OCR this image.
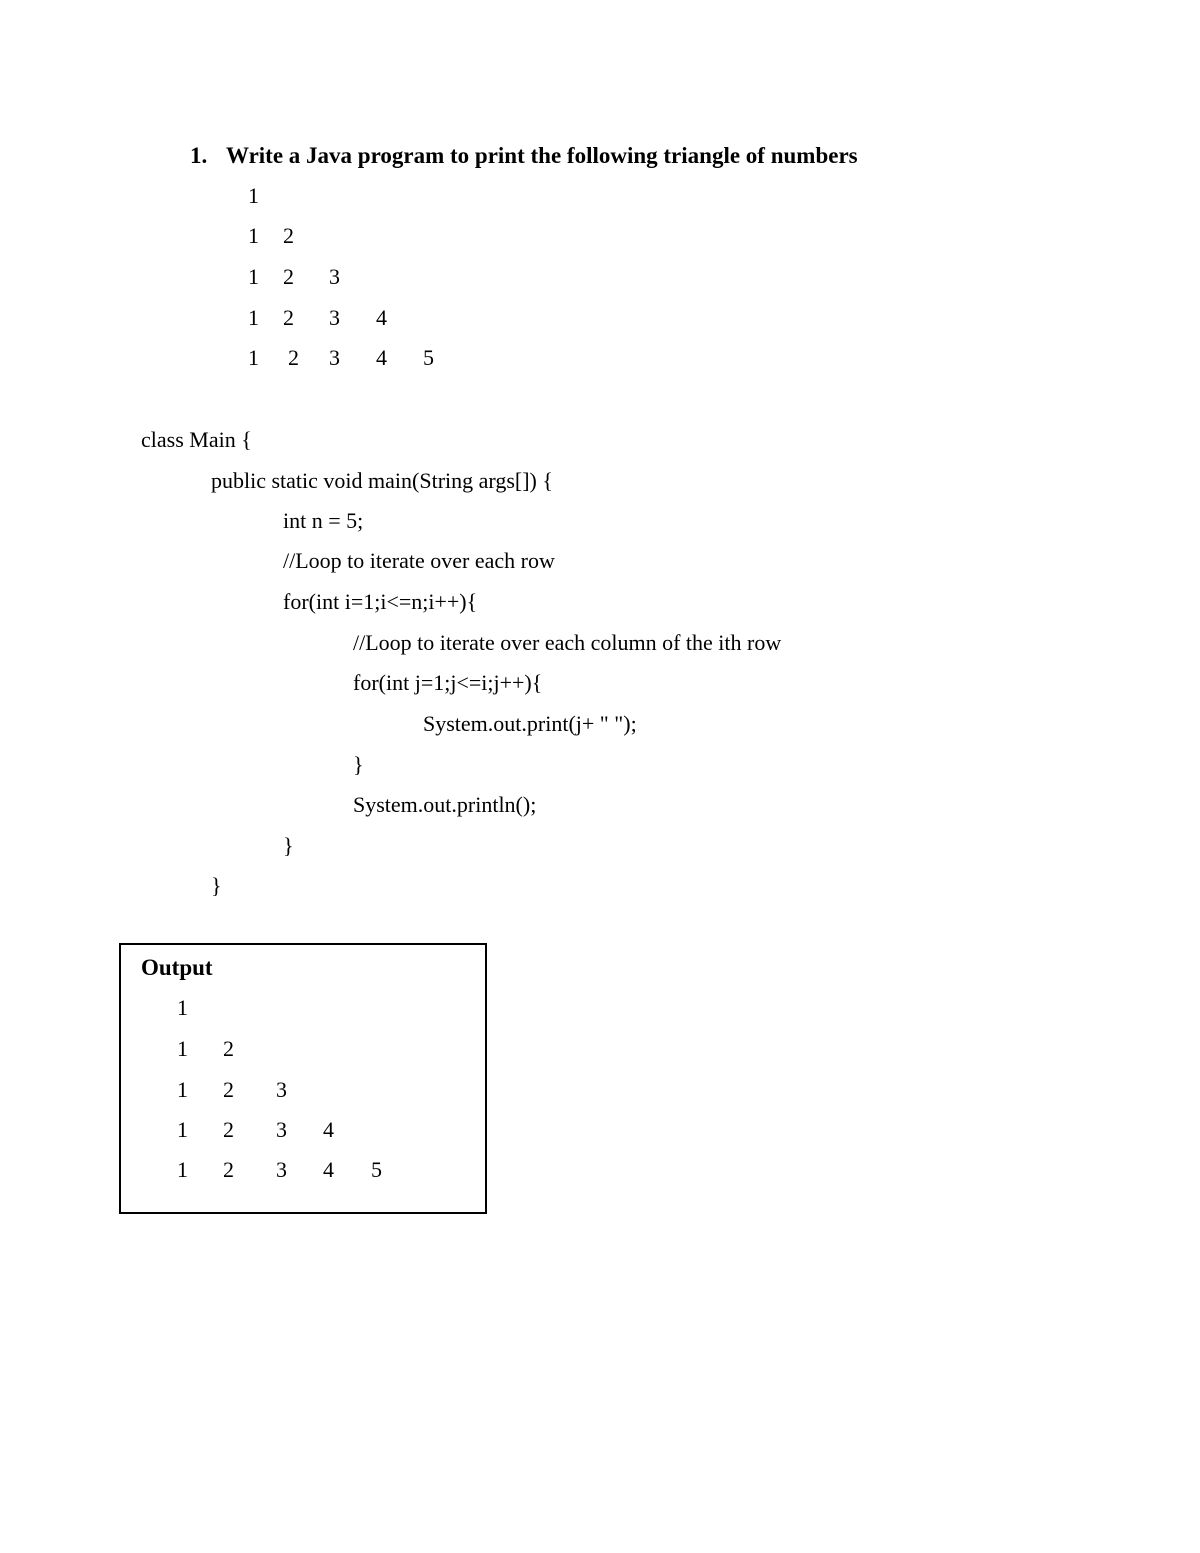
1. Write a Java program to print the following triangle of numbers
1
1 2
1 2 3
1 2 3 4
1 2 3 4 5
class Main {
public static void main(String args[]) {
int n = 5;
//Loop to iterate over each row
for(int i=1;i<=n;i++){
//Loop to iterate over each column of the ith row
for(int j=1;j<=i;j++){
System.out.print(j+ " ");
}
System.out.println();
}
}
Output
1
1 2
1 2 3
1 2 3 4
1 2 3 4 5
